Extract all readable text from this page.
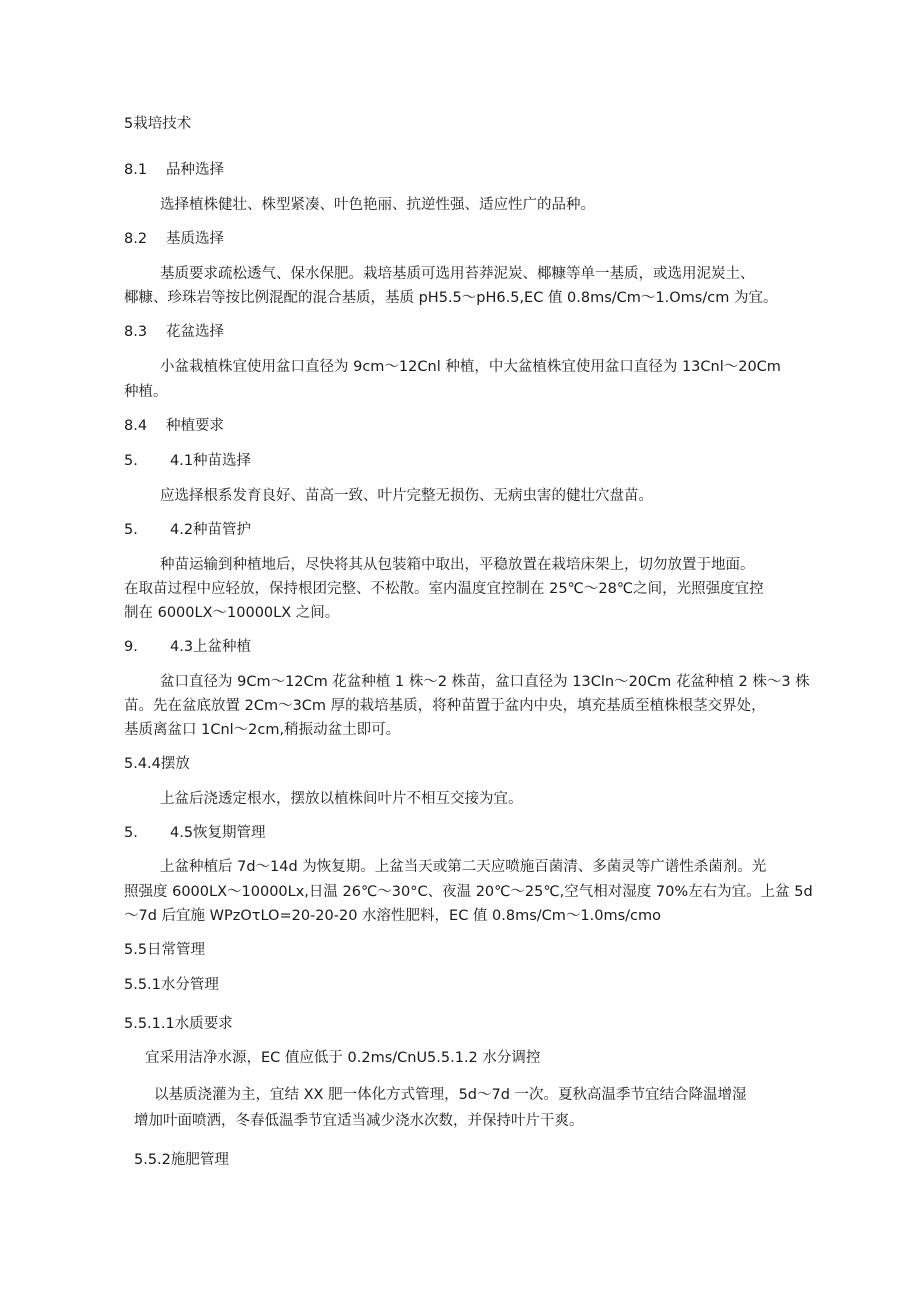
5栽培技术
8.1 品种选择
选择植株健壮、株型紧凑、叶色艳丽、抗逆性强、适应性广的品种。
8.2 基质选择
基质要求疏松透气、保水保肥。栽培基质可选用苔莽泥炭、椰糠等单一基质，或选用泥炭土、
椰糠、珍珠岩等按比例混配的混合基质，基质 pH5.5～pH6.5,EC 值 0.8ms∕Cm～1.Oms/cm 为宜。
8.3 花盆选择
小盆栽植株宜使用盆口直径为 9cm～12Cnl 种植，中大盆植株宜使用盆口直径为 13Cnl～20Cm
种植。
8.4 种植要求
5. 4.1种苗选择
应选择根系发育良好、苗高一致、叶片完整无损伤、无病虫害的健壮穴盘苗。
5. 4.2种苗管护
种苗运输到种植地后，尽快将其从包装箱中取出，平稳放置在栽培床架上，切勿放置于地面。
在取苗过程中应轻放，保持根团完整、不松散。室内温度宜控制在 25℃～28℃之间，光照强度宜控
制在 6000LX～10000LX 之间。
9. 4.3上盆种植
盆口直径为 9Cm～12Cm 花盆种植 1 株～2 株苗，盆口直径为 13Cln～20Cm 花盆种植 2 株～3 株
苗。先在盆底放置 2Cm～3Cm 厚的栽培基质，将种苗置于盆内中央，填充基质至植株根茎交界处，
基质离盆口 1Cnl～2cm,稍振动盆土即可。
5.4.4摆放
上盆后浇透定根水，摆放以植株间叶片不相互交接为宜。
5. 4.5恢复期管理
上盆种植后 7d～14d 为恢复期。上盆当天或第二天应喷施百菌清、多菌灵等广谱性杀菌剂。光
照强度 6000LX～10000Lx,日温 26℃～30°C、夜温 20℃～25℃,空气相对湿度 70%左右为宜。上盆 5d
～7d 后宜施 WPzOτLO=20-20-20 水溶性肥料，EC 值 0.8ms∕Cm～1.0ms/cmo
5.5日常管理
5.5.1水分管理
5.5.1.1水质要求
宜采用洁净水源，EC 值应低于 0.2ms∕CnU5.5.1.2 水分调控
以基质浇灌为主，宜结 XX 肥一体化方式管理，5d～7d 一次。夏秋高温季节宜结合降温增湿
增加叶面喷洒，冬春低温季节宜适当减少浇水次数，并保持叶片干爽。
5.5.2施肥管理
